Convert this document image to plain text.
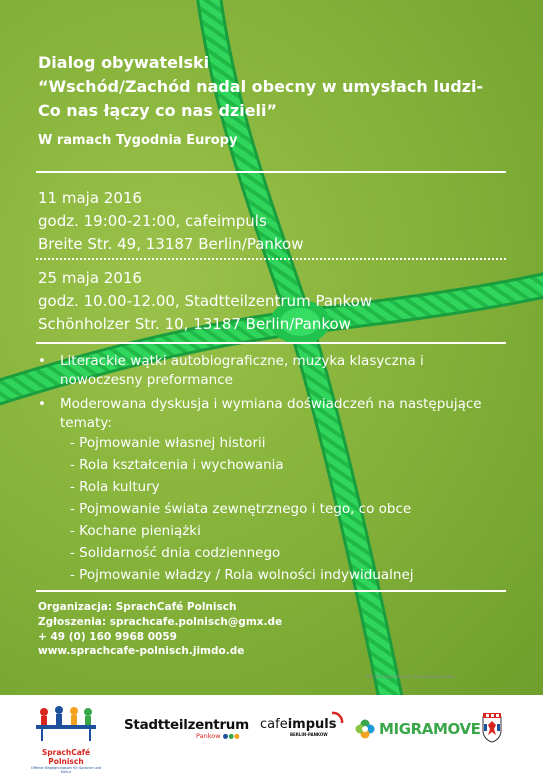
Dialog obywatelski
“Wschód/Zachód nadal obecny w umysłach ludzi-
Co nas łączy co nas dzieli”
W ramach Tygodnia Europy
11 maja 2016
godz. 19:00-21:00, cafeimpuls
Breite Str. 49, 13187 Berlin/Pankow
25 maja 2016
godz. 10.00-12.00, Stadtteilzentrum Pankow
Schönholzer Str. 10, 13187 Berlin/Pankow
• Literackie wątki autobiograficzne, muzyka klasyczna i nowoczesny preformance
• Moderowana dyskusja i wymiana doświadczeń na następujące
tematy:
- Pojmowanie własnej historii
- Rola kształcenia i wychowania
- Rola kultury
- Pojmowanie świata zewnętrznego i tego, co obce
- Kochane pieniążki
- Solidarność dnia codziennego
- Pojmowanie władzy / Rola wolności indywidualnej
Organizacja: SprachCafé Polnisch
Zgłoszenia: sprachcafe.polnisch@gmx.de
+ 49 (0) 160 9968 0059
www.sprachcafe-polnisch.jimdo.de
Mit der freundlichen Unterstützung von
SprachCafé Polnisch
Offener Begegnungsort für Sprache und Kultur
Stadtteilzentrum
Pankow ●●●
cafeimpuls
BERLIN-PANKOW	MIGRAMOVE
